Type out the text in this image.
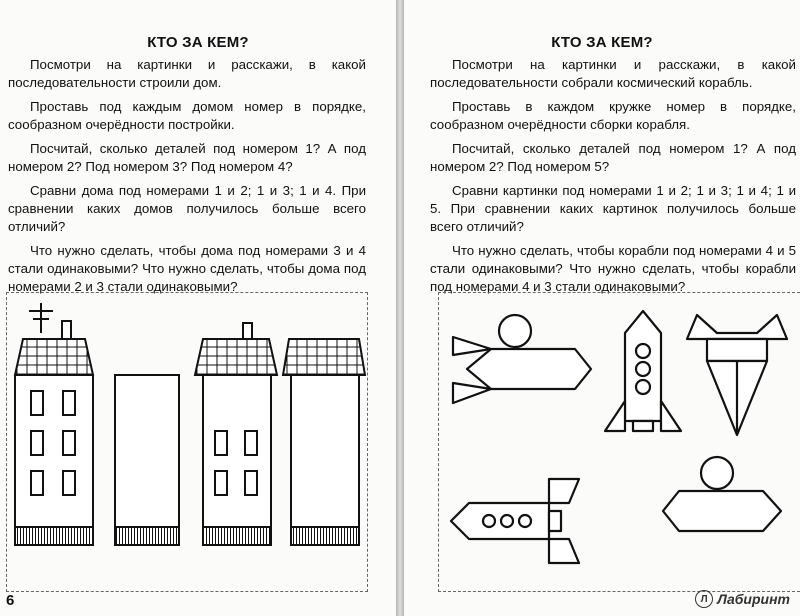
КТО ЗА КЕМ?

Посмотри на картинки и расскажи, в какой последовательности строили дом.

Проставь под каждым домом номер в порядке, сообразном очерёдности постройки.

Посчитай, сколько деталей под номером 1? А под номером 2? Под номером 3? Под номером 4?

Сравни дома под номерами 1 и 2; 1 и 3; 1 и 4. При сравнении каких домов получилось больше всего отличий?

Что нужно сделать, чтобы дома под номерами 3 и 4 стали одинаковыми? Что нужно сделать, чтобы дома под номерами 2 и 3 стали одинаковыми?

6
КТО ЗА КЕМ?

Посмотри на картинки и расскажи, в какой последовательности собрали космический корабль.

Проставь в каждом кружке номер в порядке, сообразном очерёдности сборки корабля.

Посчитай, сколько деталей под номером 1? А под номером 2? Под номером 5?

Сравни картинки под номерами 1 и 2; 1 и 3; 1 и 4; 1 и 5. При сравнении каких картинок получилось больше всего отличий?

Что нужно сделать, чтобы корабли под номерами 4 и 5 стали одинаковыми? Что нужно сделать, чтобы корабли под номерами 4 и 3 стали одинаковыми?

Л Лабиринт
